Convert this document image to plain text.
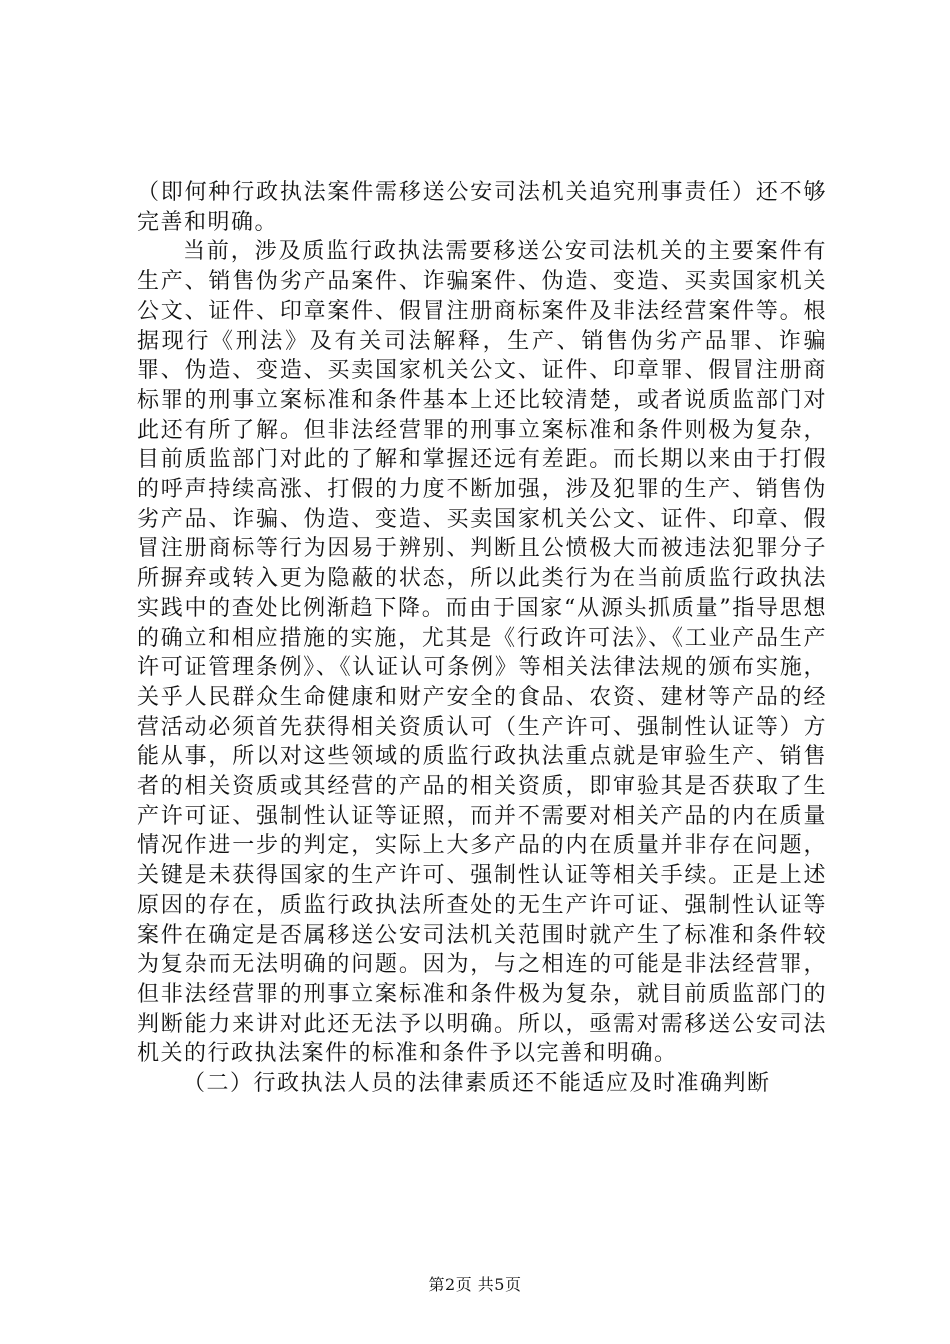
（即何种行政执法案件需移送公安司法机关追究刑事责任）还不够完善和明确。

当前，涉及质监行政执法需要移送公安司法机关的主要案件有生产、销售伪劣产品案件、诈骗案件、伪造、变造、买卖国家机关公文、证件、印章案件、假冒注册商标案件及非法经营案件等。根据现行《刑法》及有关司法解释，生产、销售伪劣产品罪、诈骗罪、伪造、变造、买卖国家机关公文、证件、印章罪、假冒注册商标罪的刑事立案标准和条件基本上还比较清楚，或者说质监部门对此还有所了解。但非法经营罪的刑事立案标准和条件则极为复杂，目前质监部门对此的了解和掌握还远有差距。而长期以来由于打假的呼声持续高涨、打假的力度不断加强，涉及犯罪的生产、销售伪劣产品、诈骗、伪造、变造、买卖国家机关公文、证件、印章、假冒注册商标等行为因易于辨别、判断且公愤极大而被违法犯罪分子所摒弃或转入更为隐蔽的状态，所以此类行为在当前质监行政执法实践中的查处比例渐趋下降。而由于国家“从源头抓质量”指导思想的确立和相应措施的实施，尤其是《行政许可法》、《工业产品生产许可证管理条例》、《认证认可条例》等相关法律法规的颁布实施，关乎人民群众生命健康和财产安全的食品、农资、建材等产品的经营活动必须首先获得相关资质认可（生产许可、强制性认证等）方能从事，所以对这些领域的质监行政执法重点就是审验生产、销售者的相关资质或其经营的产品的相关资质，即审验其是否获取了生产许可证、强制性认证等证照，而并不需要对相关产品的内在质量情况作进一步的判定，实际上大多产品的内在质量并非存在问题，关键是未获得国家的生产许可、强制性认证等相关手续。正是上述原因的存在，质监行政执法所查处的无生产许可证、强制性认证等案件在确定是否属移送公安司法机关范围时就产生了标准和条件较为复杂而无法明确的问题。因为，与之相连的可能是非法经营罪，但非法经营罪的刑事立案标准和条件极为复杂，就目前质监部门的判断能力来讲对此还无法予以明确。所以，亟需对需移送公安司法机关的行政执法案件的标准和条件予以完善和明确。

（二）行政执法人员的法律素质还不能适应及时准确判断

第2页 共5页
